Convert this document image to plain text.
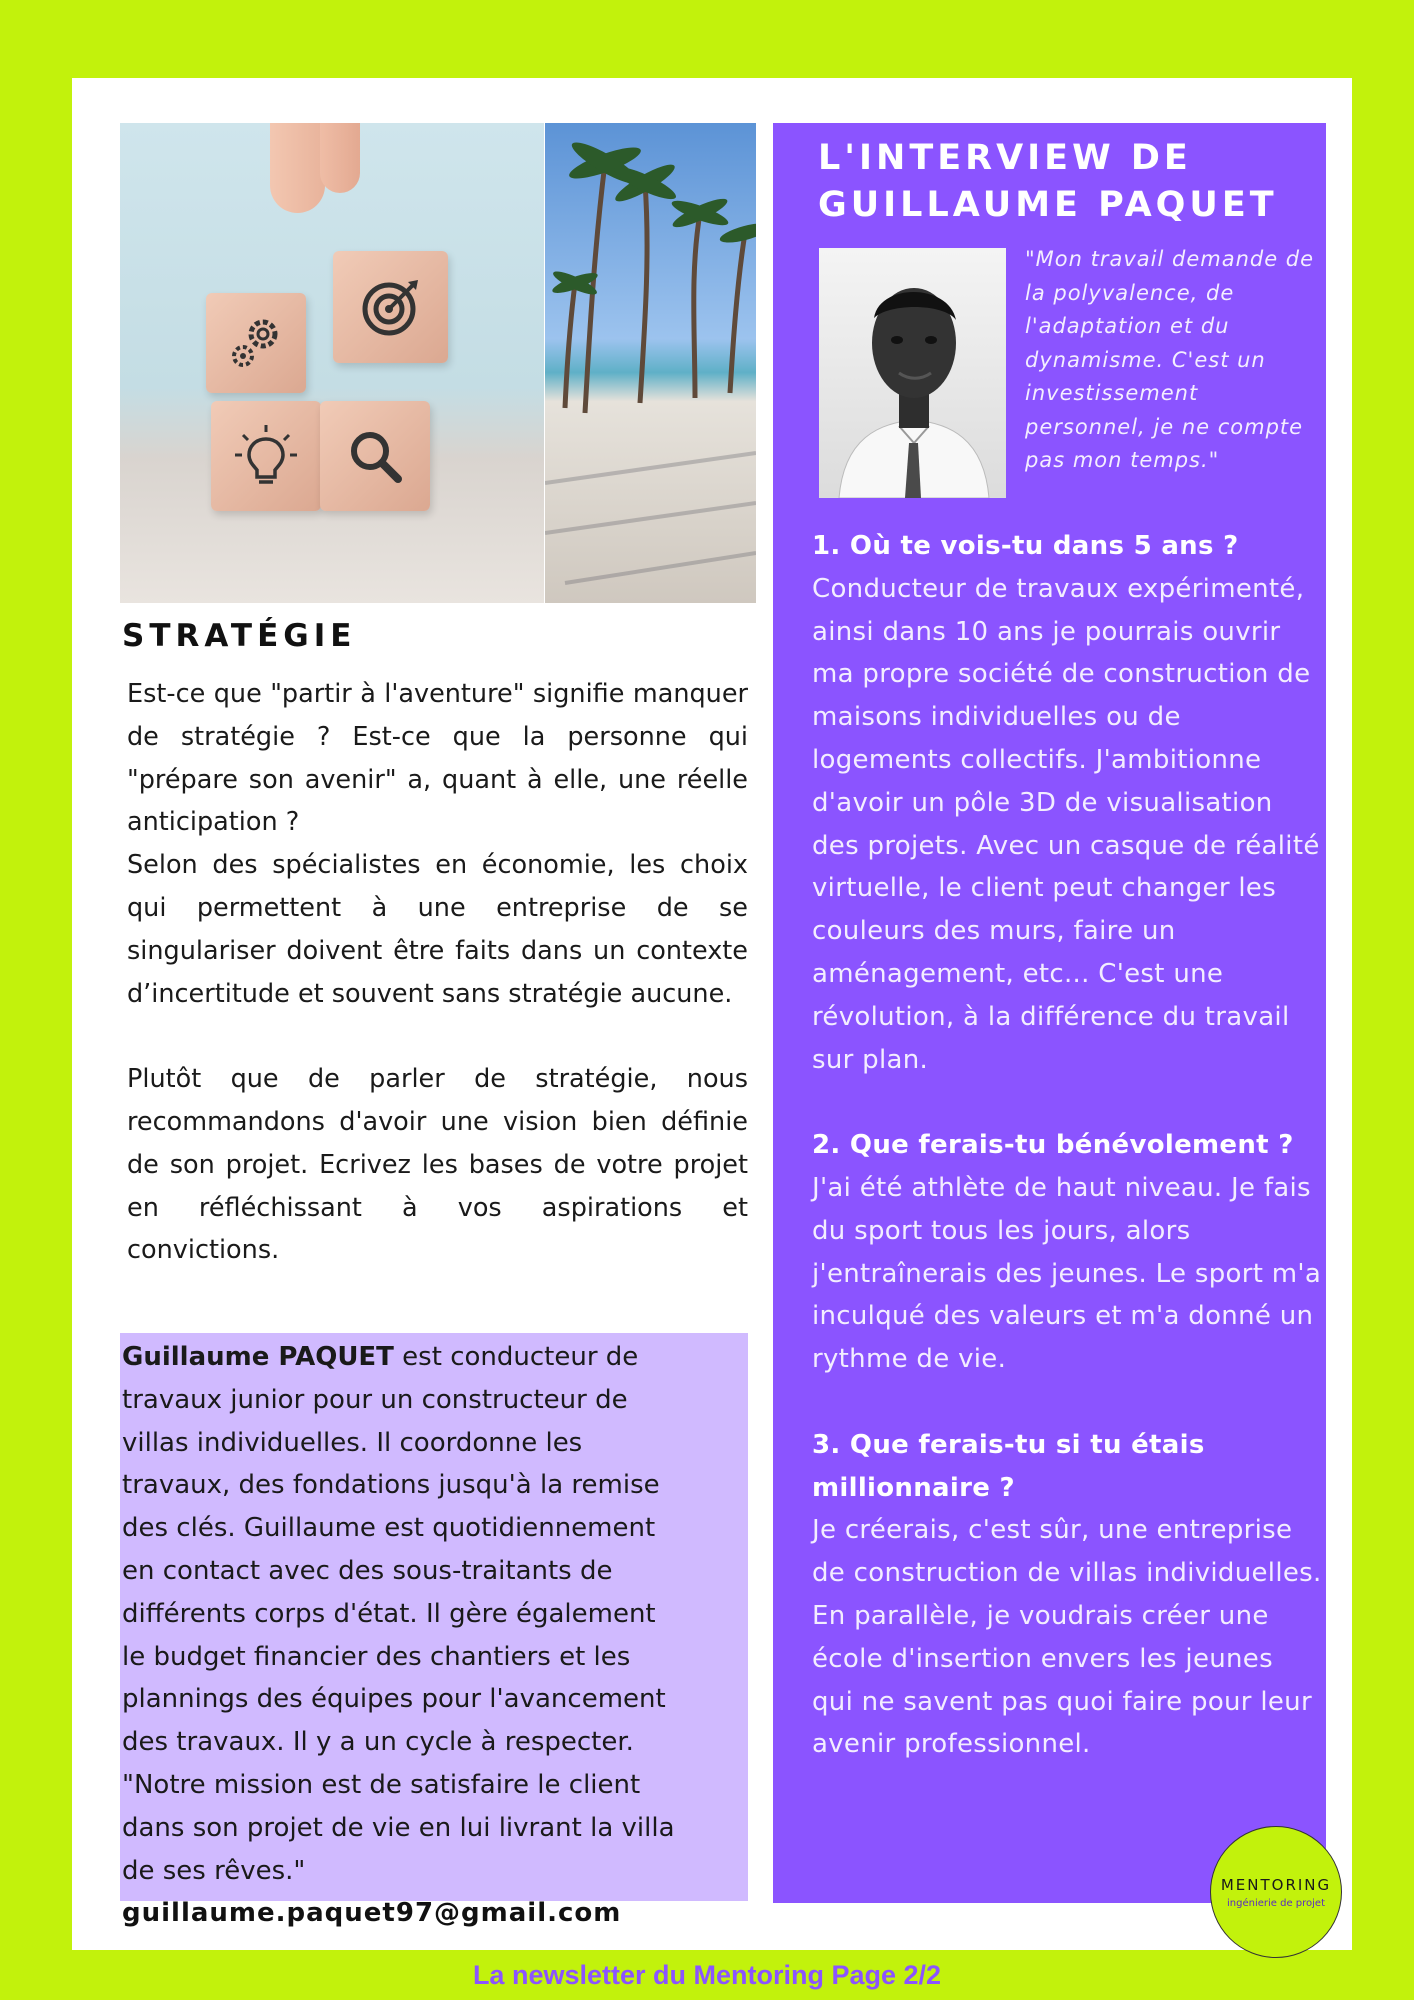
STRATÉGIE

Est-ce que "partir à l'aventure" signifie manquer de stratégie ? Est-ce que la personne qui "prépare son avenir" a, quant à elle, une réelle anticipation ?

Selon des spécialistes en économie, les choix qui permettent à une entreprise de se singulariser doivent être faits dans un contexte d’incertitude et souvent sans stratégie aucune.

Plutôt que de parler de stratégie, nous recommandons d'avoir une vision bien définie de son projet. Ecrivez les bases de votre projet en réfléchissant à vos aspirations et convictions.

Guillaume PAQUET est conducteur de
travaux junior pour un constructeur de
villas individuelles. Il coordonne les
travaux, des fondations jusqu'à la remise
des clés. Guillaume est quotidiennement
en contact avec des sous-traitants de
différents corps d'état. Il gère également
le budget financier des chantiers et les
plannings des équipes pour l'avancement
des travaux. Il y a un cycle à respecter.
"Notre mission est de satisfaire le client
dans son projet de vie en lui livrant la villa
de ses rêves."
guillaume.paquet97@gmail.com
L'INTERVIEW DE
GUILLAUME PAQUET
"Mon travail demande de la polyvalence, de l'adaptation et du dynamisme. C'est un investissement personnel, je ne compte pas mon temps."

1. Où te vois-tu dans 5 ans ?

Conducteur de travaux expérimenté, ainsi dans 10 ans je pourrais ouvrir ma propre société de construction de maisons individuelles ou de logements collectifs. J'ambitionne d'avoir un pôle 3D de visualisation des projets. Avec un casque de réalité virtuelle, le client peut changer les couleurs des murs, faire un aménagement, etc... C'est une révolution, à la différence du travail sur plan.

2. Que ferais-tu bénévolement ?

J'ai été athlète de haut niveau. Je fais du sport tous les jours, alors j'entraînerais des jeunes. Le sport m'a inculqué des valeurs et m'a donné un rythme de vie.

3. Que ferais-tu si tu étais millionnaire ?

Je créerais, c'est sûr, une entreprise de construction de villas individuelles. En parallèle, je voudrais créer une école d'insertion envers les jeunes qui ne savent pas quoi faire pour leur avenir professionnel.

MENTORING
ingénierie de projet
La newsletter du Mentoring Page 2/2
